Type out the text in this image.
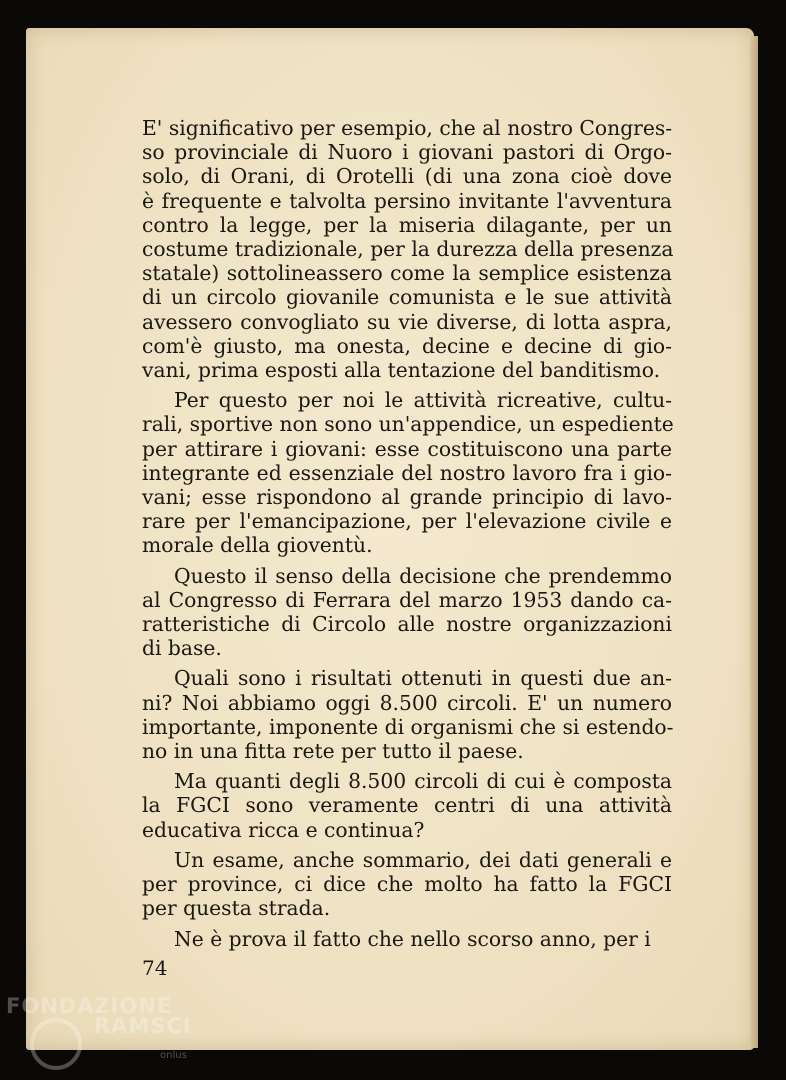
E' significativo per esempio, che al nostro Congres-
so provinciale di Nuoro i giovani pastori di Orgo-
solo, di Orani, di Orotelli (di una zona cioè dove
è frequente e talvolta persino invitante l'avventura
contro la legge, per la miseria dilagante, per un
costume tradizionale, per la durezza della presenza
statale) sottolineassero come la semplice esistenza
di un circolo giovanile comunista e le sue attività
avessero convogliato su vie diverse, di lotta aspra,
com'è giusto, ma onesta, decine e decine di gio-
vani, prima esposti alla tentazione del banditismo.
Per questo per noi le attività ricreative, cultu-
rali, sportive non sono un'appendice, un espediente
per attirare i giovani: esse costituiscono una parte
integrante ed essenziale del nostro lavoro fra i gio-
vani; esse rispondono al grande principio di lavo-
rare per l'emancipazione, per l'elevazione civile e
morale della gioventù.
Questo il senso della decisione che prendemmo
al Congresso di Ferrara del marzo 1953 dando ca-
ratteristiche di Circolo alle nostre organizzazioni
di base.
Quali sono i risultati ottenuti in questi due an-
ni? Noi abbiamo oggi 8.500 circoli. E' un numero
importante, imponente di organismi che si estendo-
no in una fitta rete per tutto il paese.
Ma quanti degli 8.500 circoli di cui è composta
la FGCI sono veramente centri di una attività
educativa ricca e continua?
Un esame, anche sommario, dei dati generali e
per province, ci dice che molto ha fatto la FGCI
per questa strada.
Ne è prova il fatto che nello scorso anno, per i
74
FONDAZIONE
RAMSCI
onlus
